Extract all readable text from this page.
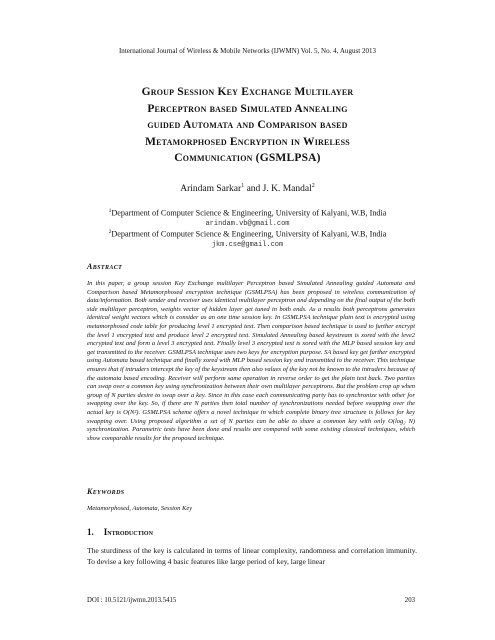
International Journal of Wireless & Mobile Networks (IJWMN) Vol. 5, No. 4, August 2013
Group Session Key Exchange Multilayer
Perceptron based Simulated Annealing
guided Automata and Comparison based
Metamorphosed Encryption in Wireless
Communication (GSMLPSA)
Arindam Sarkar$^1$ and J. K. Mandal$^2$
$^1$Department of Computer Science & Engineering, University of Kalyani, W.B, India
arindam.vb@gmail.com
$^2$Department of Computer Science & Engineering, University of Kalyani, W.B, India
jkm.cse@gmail.com
Abstract
In this paper, a group session Key Exchange multilayer Perceptron based Simulated Annealing guided Automata and Comparison based Metamorphosed encryption technique (GSMLPSA) has been proposed in wireless communication of data/information. Both sender and receiver uses identical multilayer perceptron and depending on the final output of the both side multilayer perceptron, weights vector of hidden layer get tuned in both ends. As a results both perceptrons generates identical weight vectors which is consider as an one time session key. In GSMLPSA technique plain text is encrypted using metamorphosed code table for producing level 1 encrypted text. Then comparison based technique is used to further encrypt the level 1 encrypted text and produce level 2 encrypted text. Simulated Annealing based keystream is xored with the leve2 encrypted text and form a level 3 encrypted text. Finally level 3 encrypted text is xored with the MLP based session key and get transmitted to the receiver. GSMLPSA technique uses two keys for encryption purpose. SA based key get further encrypted using Automata based technique and finally xored with MLP based session key and transmitted to the receiver. This technique ensures that if intruders intercept the key of the keystream then also values of the key not be known to the intruders because of the automata based encoding. Receiver will perform same operation in reverse order to get the plain text back. Two parties can swap over a common key using synchronization between their own multilayer perceptrons. But the problem crop up when group of N parties desire to swap over a key. Since in this case each communicating party has to synchronize with other for swapping over the key. So, if there are N parties then total number of synchronizations needed before swapping over the actual key is O(N²). GSMLPSA scheme offers a novel technique in which complete binary tree structure is follows for key swapping over. Using proposed algorithm a set of N parties can be able to share a common key with only O(log₂ N) synchronization. Parametric tests have been done and results are compared with some existing classical techniques, which show comparable results for the proposed technique.
Keywords
Metamorphosed, Automata, Session Key
1. Introduction
The sturdiness of the key is calculated in terms of linear complexity, randomness and correlation immunity. To devise a key following 4 basic features like large period of key, large linear
DOI : 10.5121/ijwmn.2013.5415	203
